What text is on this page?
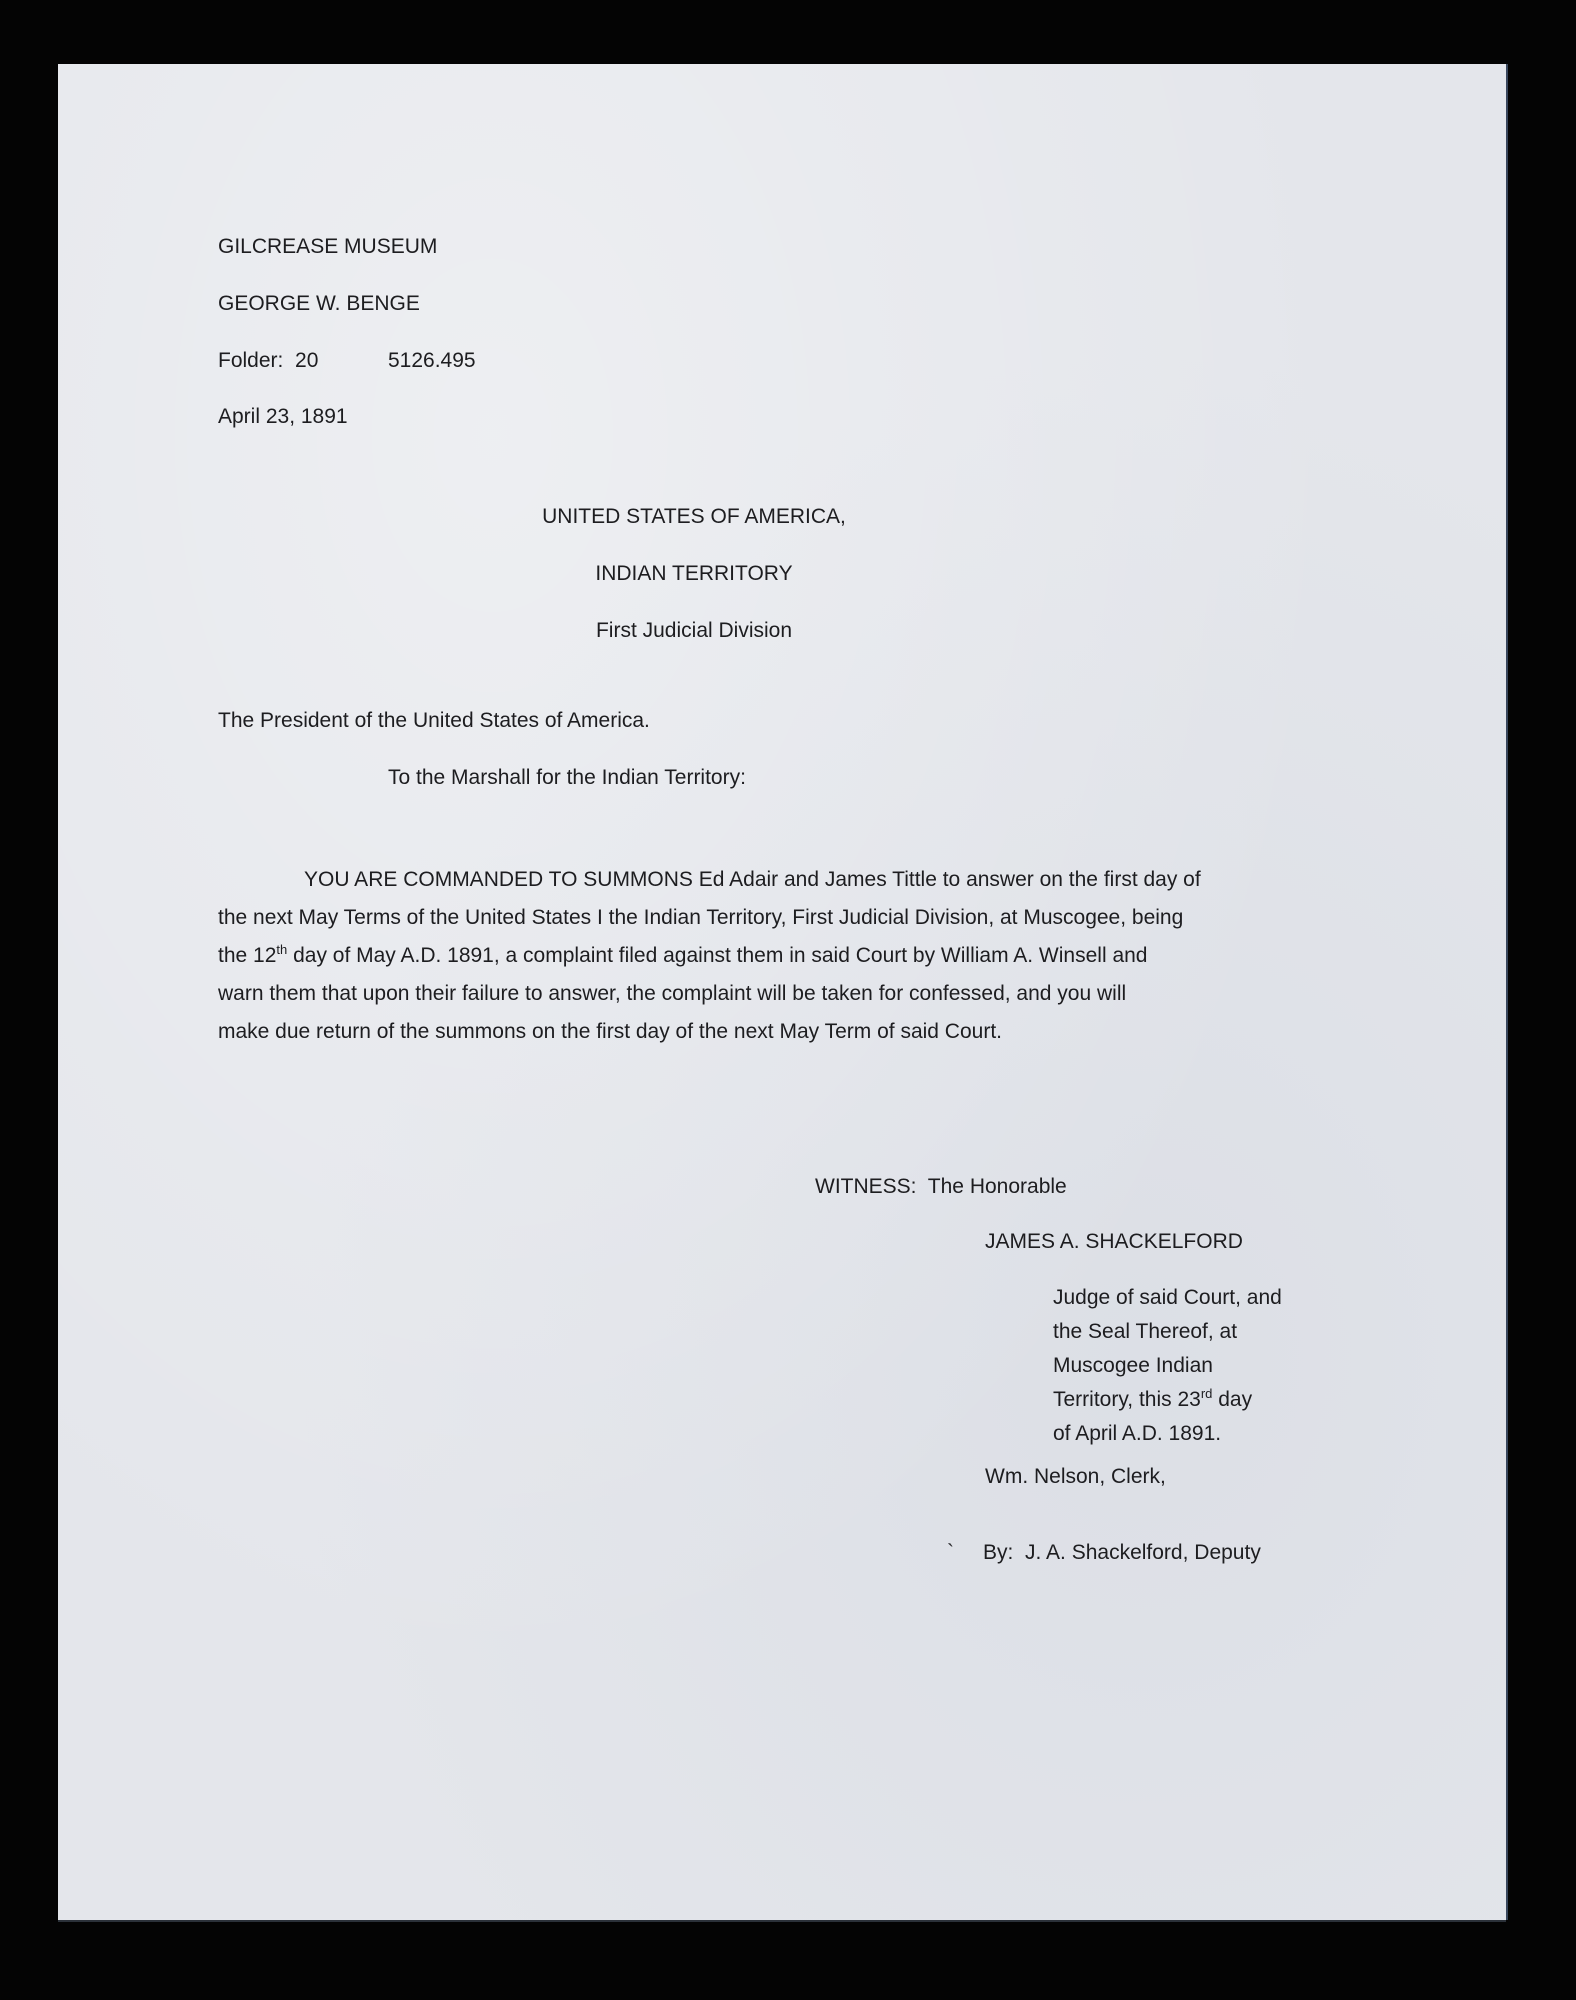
GILCREASE MUSEUM
GEORGE W. BENGE
Folder:  20	5126.495
April 23, 1891
UNITED STATES OF AMERICA,
INDIAN TERRITORY
First Judicial Division
The President of the United States of America.
To the Marshall for the Indian Territory:
YOU ARE COMMANDED TO SUMMONS Ed Adair and James Tittle to answer on the first day of
the next May Terms of the United States I the Indian Territory, First Judicial Division, at Muscogee, being
the 12th day of May A.D. 1891, a complaint filed against them in said Court by William A. Winsell and
warn them that upon their failure to answer, the complaint will be taken for confessed, and you will
make due return of the summons on the first day of the next May Term of said Court.
WITNESS:  The Honorable
JAMES A. SHACKELFORD
Judge of said Court, and
the Seal Thereof, at
Muscogee Indian
Territory, this 23rd day
of April A.D. 1891.
Wm. Nelson, Clerk,

` By:  J. A. Shackelford, Deputy
